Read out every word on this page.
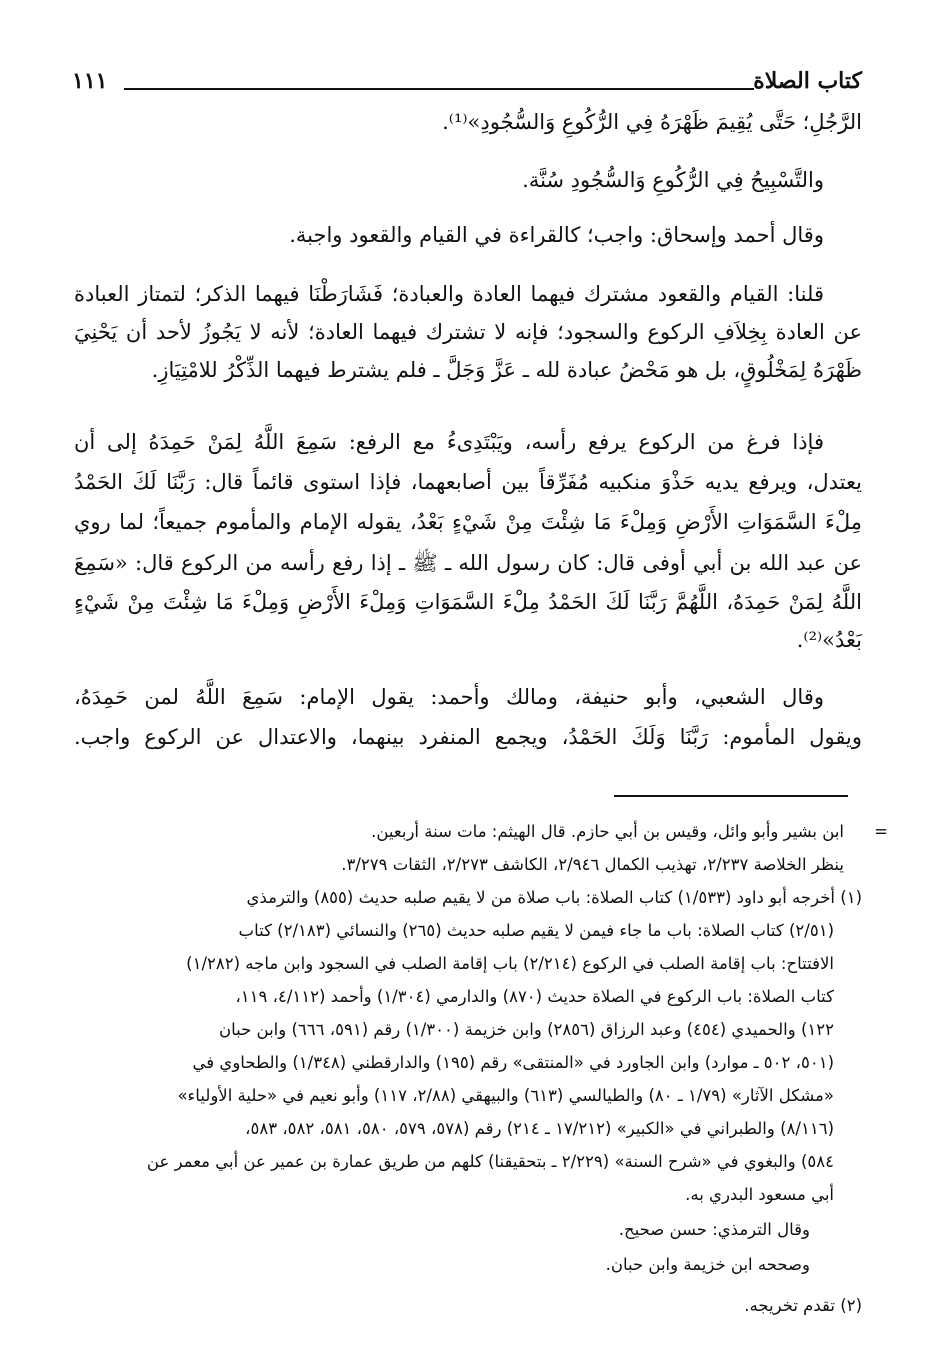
كتاب الصلاة
١١١
الرَّجُلِ؛ حَتَّى يُقِيمَ ظَهْرَهُ فِي الرُّكُوعِ وَالسُّجُودِ»⁽¹⁾.
والتَّسْبِيحُ فِي الرُّكُوعِ وَالسُّجُودِ سُنَّة.
وقال أحمد وإسحاق: واجب؛ كالقراءة في القيام والقعود واجبة.
قلنا: القيام والقعود مشترك فيهما العادة والعبادة؛ فَشَارَطْنَا فيهما الذكر؛ لتمتاز العبادة
عن العادة بِخِلاَفِ الركوع والسجود؛ فإنه لا تشترك فيهما العادة؛ لأنه لا يَجُوزُ لأحد أن يَحْنِيَ
ظَهْرَهُ لِمَخْلُوقٍ، بل هو مَحْضُ عبادة لله ـ عَزَّ وَجَلَّ ـ فلم يشترط فيهما الذِّكْرُ للامْتِيَازِ.
فإذا فرغ من الركوع يرفع رأسه، ويَبْتَدِىءُ مع الرفع: سَمِعَ اللَّهُ لِمَنْ حَمِدَهُ إلى أن
يعتدل، ويرفع يديه حَذْوَ منكبيه مُفَرِّقاً بين أصابعهما، فإذا استوى قائماً قال: رَبَّنَا لَكَ الحَمْدُ
مِلْءَ السَّمَوَاتِ الأَرْضِ وَمِلْءَ مَا شِئْتَ مِنْ شَيْءٍ بَعْدُ، يقوله الإمام والمأموم جميعاً؛ لما روي
عن عبد الله بن أبي أوفى قال: كان رسول الله ـ ﷺ ـ إذا رفع رأسه من الركوع قال: «سَمِعَ
اللَّهُ لِمَنْ حَمِدَهُ، اللَّهُمَّ رَبَّنَا لَكَ الحَمْدُ مِلْءَ السَّمَوَاتِ وَمِلْءَ الأَرْضِ وَمِلْءَ مَا شِئْتَ مِنْ شَيْءٍ
بَعْدُ»⁽²⁾.
وقال الشعبي، وأبو حنيفة، ومالك وأحمد: يقول الإمام: سَمِعَ اللَّهُ لمن حَمِدَهُ،
ويقول المأموم: رَبَّنَا وَلَكَ الحَمْدُ، ويجمع المنفرد بينهما، والاعتدال عن الركوع واجب.
=
ابن بشير وأبو وائل، وقيس بن أبي حازم. قال الهيثم: مات سنة أربعين.
ينظر الخلاصة ٢/٢٣٧، تهذيب الكمال ٢/٩٤٦، الكاشف ٢/٢٧٣، الثقات ٣/٢٧٩.
(١) أخرجه أبو داود (١/٥٣٣) كتاب الصلاة: باب صلاة من لا يقيم صلبه حديث (٨٥٥) والترمذي
(٢/٥١) كتاب الصلاة: باب ما جاء فيمن لا يقيم صلبه حديث (٢٦٥) والنسائي (٢/١٨٣) كتاب
الافتتاح: باب إقامة الصلب في الركوع (٢/٢١٤) باب إقامة الصلب في السجود وابن ماجه (١/٢٨٢)
كتاب الصلاة: باب الركوع في الصلاة حديث (٨٧٠) والدارمي (١/٣٠٤) وأحمد (٤/١١٢، ١١٩،
١٢٢) والحميدي (٤٥٤) وعبد الرزاق (٢٨٥٦) وابن خزيمة (١/٣٠٠) رقم (٥٩١، ٦٦٦) وابن حبان
(٥٠١، ٥٠٢ ـ موارد) وابن الجاورد في «المنتقى» رقم (١٩٥) والدارقطني (١/٣٤٨) والطحاوي في
«مشكل الآثار» (١/٧٩ ـ ٨٠) والطيالسي (٦١٣) والبيهقي (٢/٨٨، ١١٧) وأبو نعيم في «حلية الأولياء»
(٨/١١٦) والطبراني في «الكبير» (١٧/٢١٢ ـ ٢١٤) رقم (٥٧٨، ٥٧٩، ٥٨٠، ٥٨١، ٥٨٢، ٥٨٣،
٥٨٤) والبغوي في «شرح السنة» (٢/٢٢٩ ـ بتحقيقنا) كلهم من طريق عمارة بن عمير عن أبي معمر عن
أبي مسعود البدري به.
وقال الترمذي: حسن صحيح.
وصححه ابن خزيمة وابن حبان.
(٢) تقدم تخريجه.
